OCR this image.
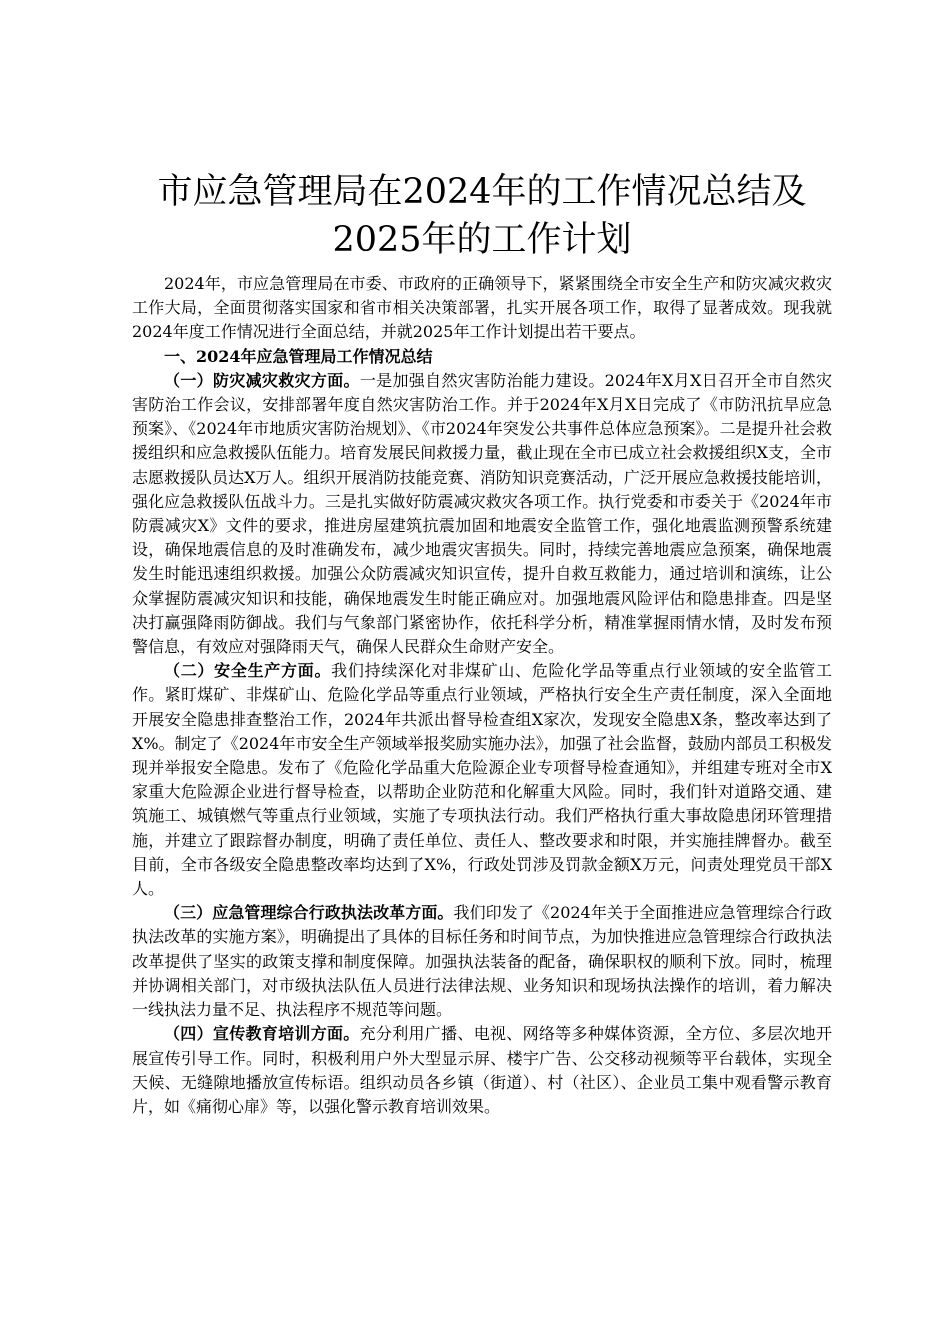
市应急管理局在2024年的工作情况总结及
2025年的工作计划

2024年，市应急管理局在市委、市政府的正确领导下，紧紧围绕全市安全生产和防灾减灾救灾工作大局，全面贯彻落实国家和省市相关决策部署，扎实开展各项工作，取得了显著成效。现我就2024年度工作情况进行全面总结，并就2025年工作计划提出若干要点。

一、2024年应急管理局工作情况总结

（一）防灾减灾救灾方面。一是加强自然灾害防治能力建设。2024年X月X日召开全市自然灾害防治工作会议，安排部署年度自然灾害防治工作。并于2024年X月X日完成了《市防汛抗旱应急预案》、《2024年市地质灾害防治规划》、《市2024年突发公共事件总体应急预案》。二是提升社会救援组织和应急救援队伍能力。培育发展民间救援力量，截止现在全市已成立社会救援组织X支，全市志愿救援队员达X万人。组织开展消防技能竞赛、消防知识竞赛活动，广泛开展应急救援技能培训，强化应急救援队伍战斗力。三是扎实做好防震减灾救灾各项工作。执行党委和市委关于《2024年市防震减灾X》文件的要求，推进房屋建筑抗震加固和地震安全监管工作，强化地震监测预警系统建设，确保地震信息的及时准确发布，减少地震灾害损失。同时，持续完善地震应急预案，确保地震发生时能迅速组织救援。加强公众防震减灾知识宣传，提升自救互救能力，通过培训和演练，让公众掌握防震减灾知识和技能，确保地震发生时能正确应对。加强地震风险评估和隐患排查。四是坚决打赢强降雨防御战。我们与气象部门紧密协作，依托科学分析，精准掌握雨情水情，及时发布预警信息，有效应对强降雨天气，确保人民群众生命财产安全。

（二）安全生产方面。我们持续深化对非煤矿山、危险化学品等重点行业领域的安全监管工作。紧盯煤矿、非煤矿山、危险化学品等重点行业领域，严格执行安全生产责任制度，深入全面地开展安全隐患排查整治工作，2024年共派出督导检查组X家次，发现安全隐患X条，整改率达到了X%。制定了《2024年市安全生产领域举报奖励实施办法》，加强了社会监督，鼓励内部员工积极发现并举报安全隐患。发布了《危险化学品重大危险源企业专项督导检查通知》，并组建专班对全市X家重大危险源企业进行督导检查，以帮助企业防范和化解重大风险。同时，我们针对道路交通、建筑施工、城镇燃气等重点行业领域，实施了专项执法行动。我们严格执行重大事故隐患闭环管理措施，并建立了跟踪督办制度，明确了责任单位、责任人、整改要求和时限，并实施挂牌督办。截至目前，全市各级安全隐患整改率均达到了X%，行政处罚涉及罚款金额X万元，问责处理党员干部X人。

（三）应急管理综合行政执法改革方面。我们印发了《2024年关于全面推进应急管理综合行政执法改革的实施方案》，明确提出了具体的目标任务和时间节点，为加快推进应急管理综合行政执法改革提供了坚实的政策支撑和制度保障。加强执法装备的配备，确保职权的顺利下放。同时，梳理并协调相关部门，对市级执法队伍人员进行法律法规、业务知识和现场执法操作的培训，着力解决一线执法力量不足、执法程序不规范等问题。

（四）宣传教育培训方面。充分利用广播、电视、网络等多种媒体资源，全方位、多层次地开展宣传引导工作。同时，积极利用户外大型显示屏、楼宇广告、公交移动视频等平台载体，实现全天候、无缝隙地播放宣传标语。组织动员各乡镇（街道）、村（社区）、企业员工集中观看警示教育片，如《痛彻心扉》等，以强化警示教育培训效果。
